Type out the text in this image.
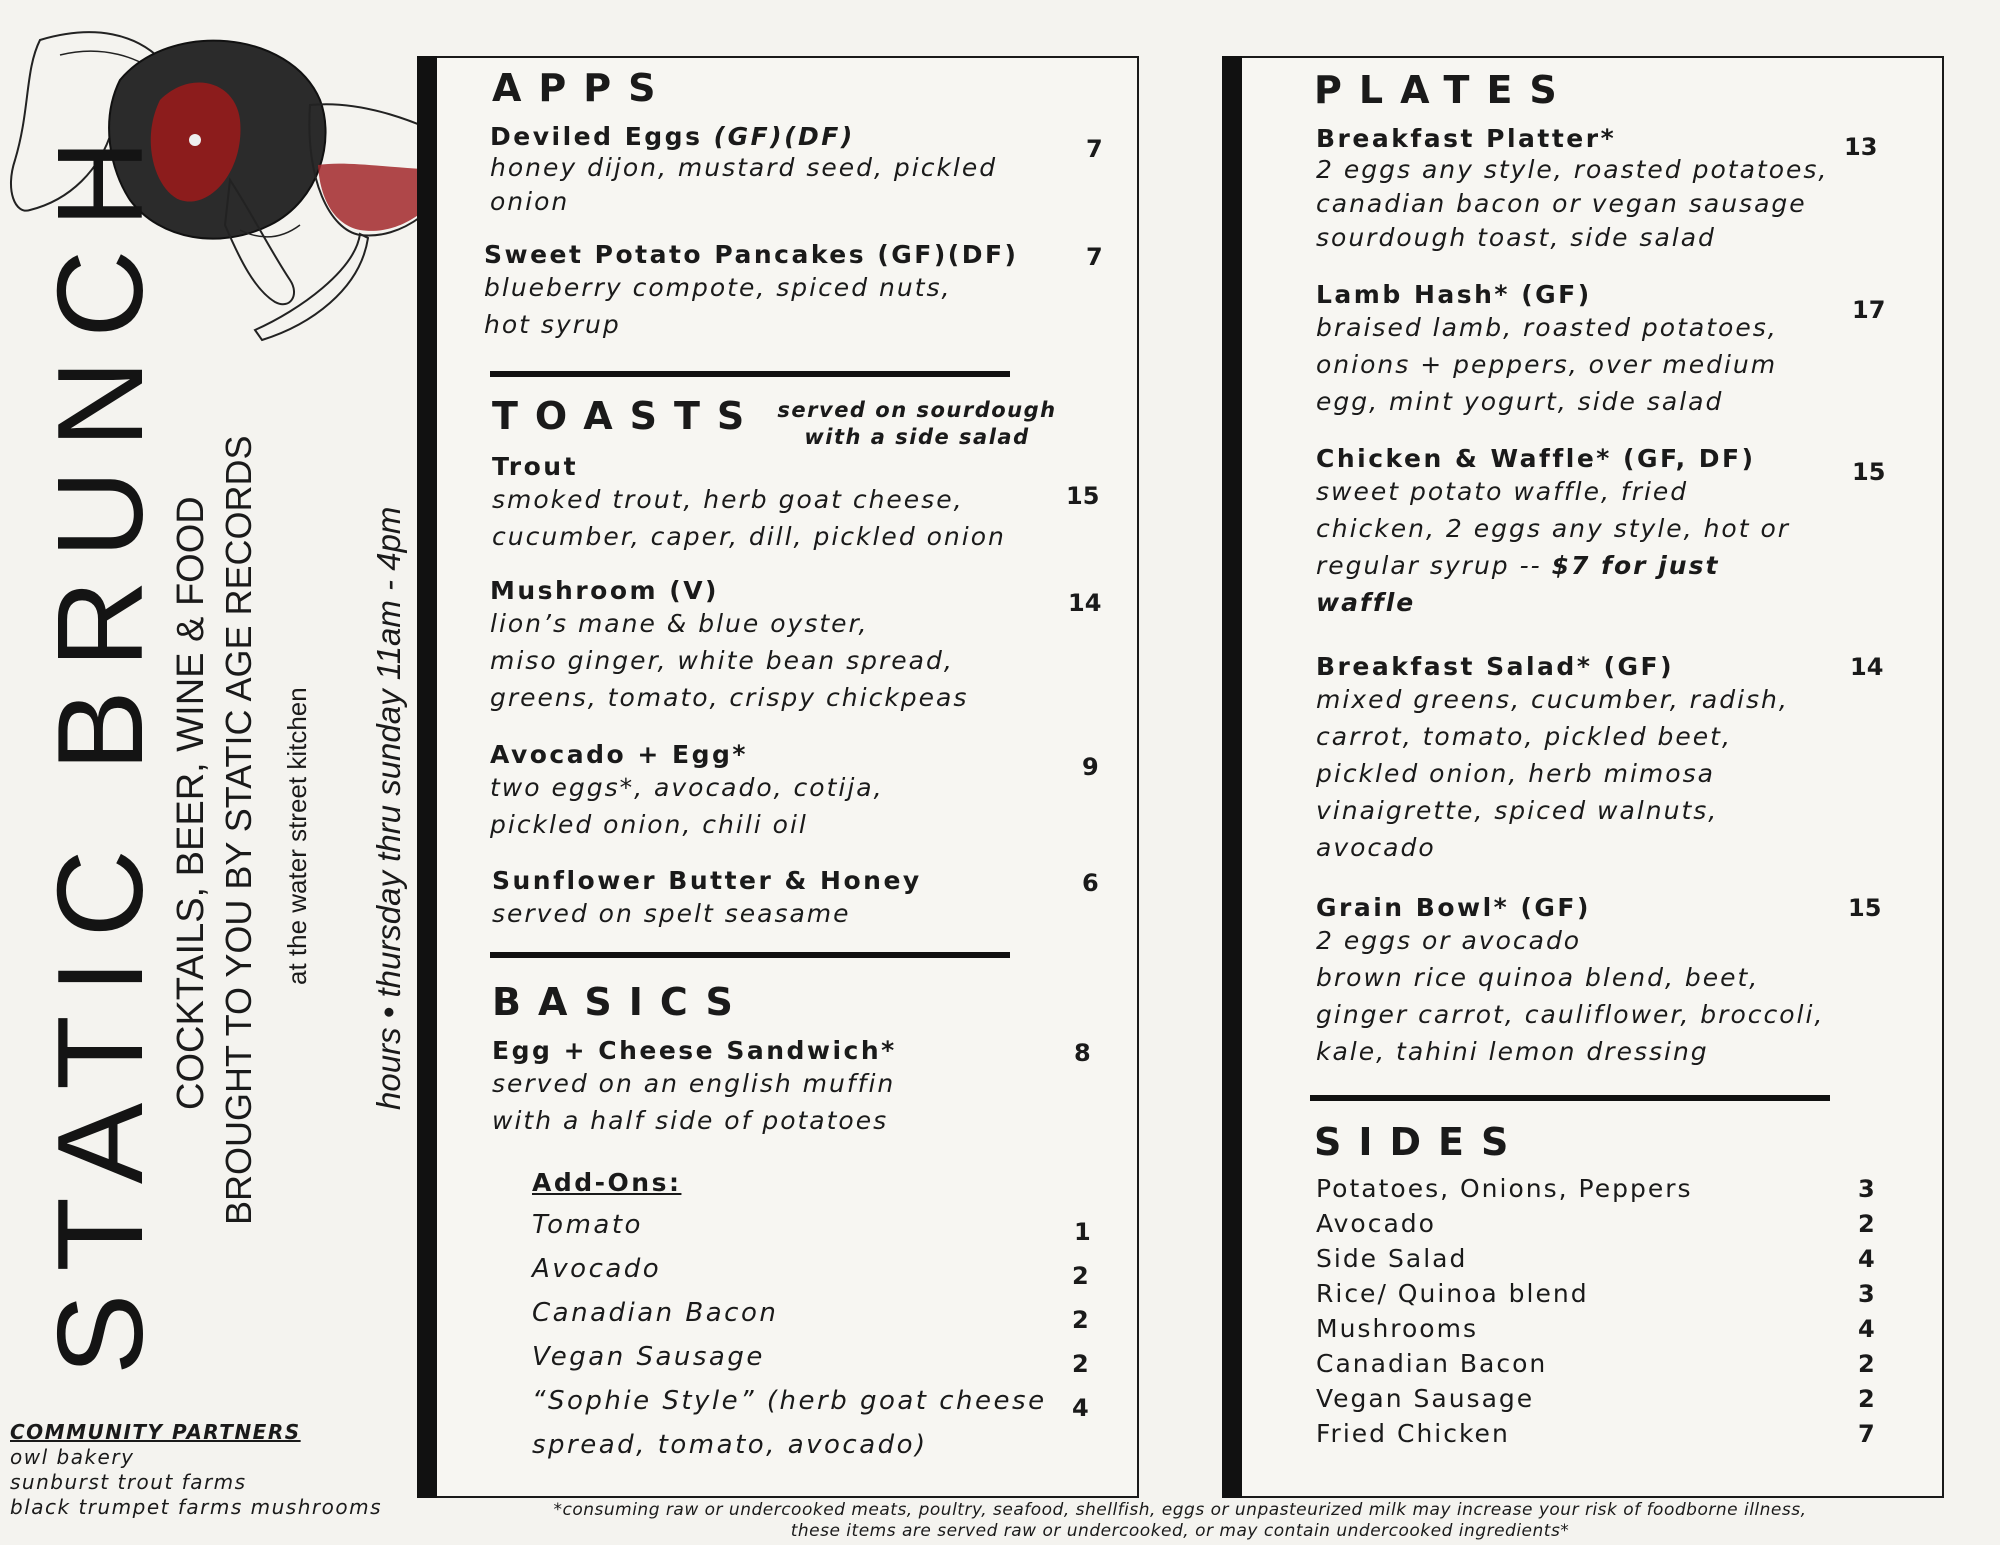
STATIC BRUNCH COCKTAILS, BEER, WINE & FOOD BROUGHT TO YOU BY STATIC AGE RECORDS at the water street kitchen hours • thursday thru sunday 11am - 4pm
COMMUNITY PARTNERS
owl bakery
sunburst trout farms
black trumpet farms mushrooms
APPS
Deviled Eggs (GF)(DF)
honey dijon, mustard seed, pickled
onion
7
Sweet Potato Pancakes (GF)(DF)
blueberry compote, spiced nuts,
hot syrup
7
TOASTS served on sourdough
with a side salad
Trout
smoked trout, herb goat cheese,
cucumber, caper, dill, pickled onion
15
Mushroom (V)
lion’s mane & blue oyster,
miso ginger, white bean spread,
greens, tomato, crispy chickpeas
14
Avocado + Egg*
two eggs*, avocado, cotija,
pickled onion, chili oil
9
Sunflower Butter & Honey
served on spelt seasame
6
BASICS
Egg + Cheese Sandwich*
served on an english muffin
with a half side of potatoes
8
Add-Ons:
Tomato	1
Avocado	2
Canadian Bacon	2
Vegan Sausage	2
“Sophie Style” (herb goat cheese 4
spread, tomato, avocado)
PLATES
Breakfast Platter*
2 eggs any style, roasted potatoes,
canadian bacon or vegan sausage
sourdough toast, side salad
13
Lamb Hash* (GF)
braised lamb, roasted potatoes,
onions + peppers, over medium
egg, mint yogurt, side salad
17
Chicken & Waffle* (GF, DF)
sweet potato waffle, fried
chicken, 2 eggs any style, hot or
regular syrup -- $7 for just
waffle
15
Breakfast Salad* (GF)
mixed greens, cucumber, radish,
carrot, tomato, pickled beet,
pickled onion, herb mimosa
vinaigrette, spiced walnuts,
avocado
14
Grain Bowl* (GF)
2 eggs or avocado
brown rice quinoa blend, beet,
ginger carrot, cauliflower, broccoli,
kale, tahini lemon dressing
15
SIDES
Potatoes, Onions, Peppers	3
Avocado	2
Side Salad	4
Rice/ Quinoa blend	3
Mushrooms	4
Canadian Bacon	2
Vegan Sausage	2
Fried Chicken	7
*consuming raw or undercooked meats, poultry, seafood, shellfish, eggs or unpasteurized milk may increase your risk of foodborne illness,
these items are served raw or undercooked, or may contain undercooked ingredients*
